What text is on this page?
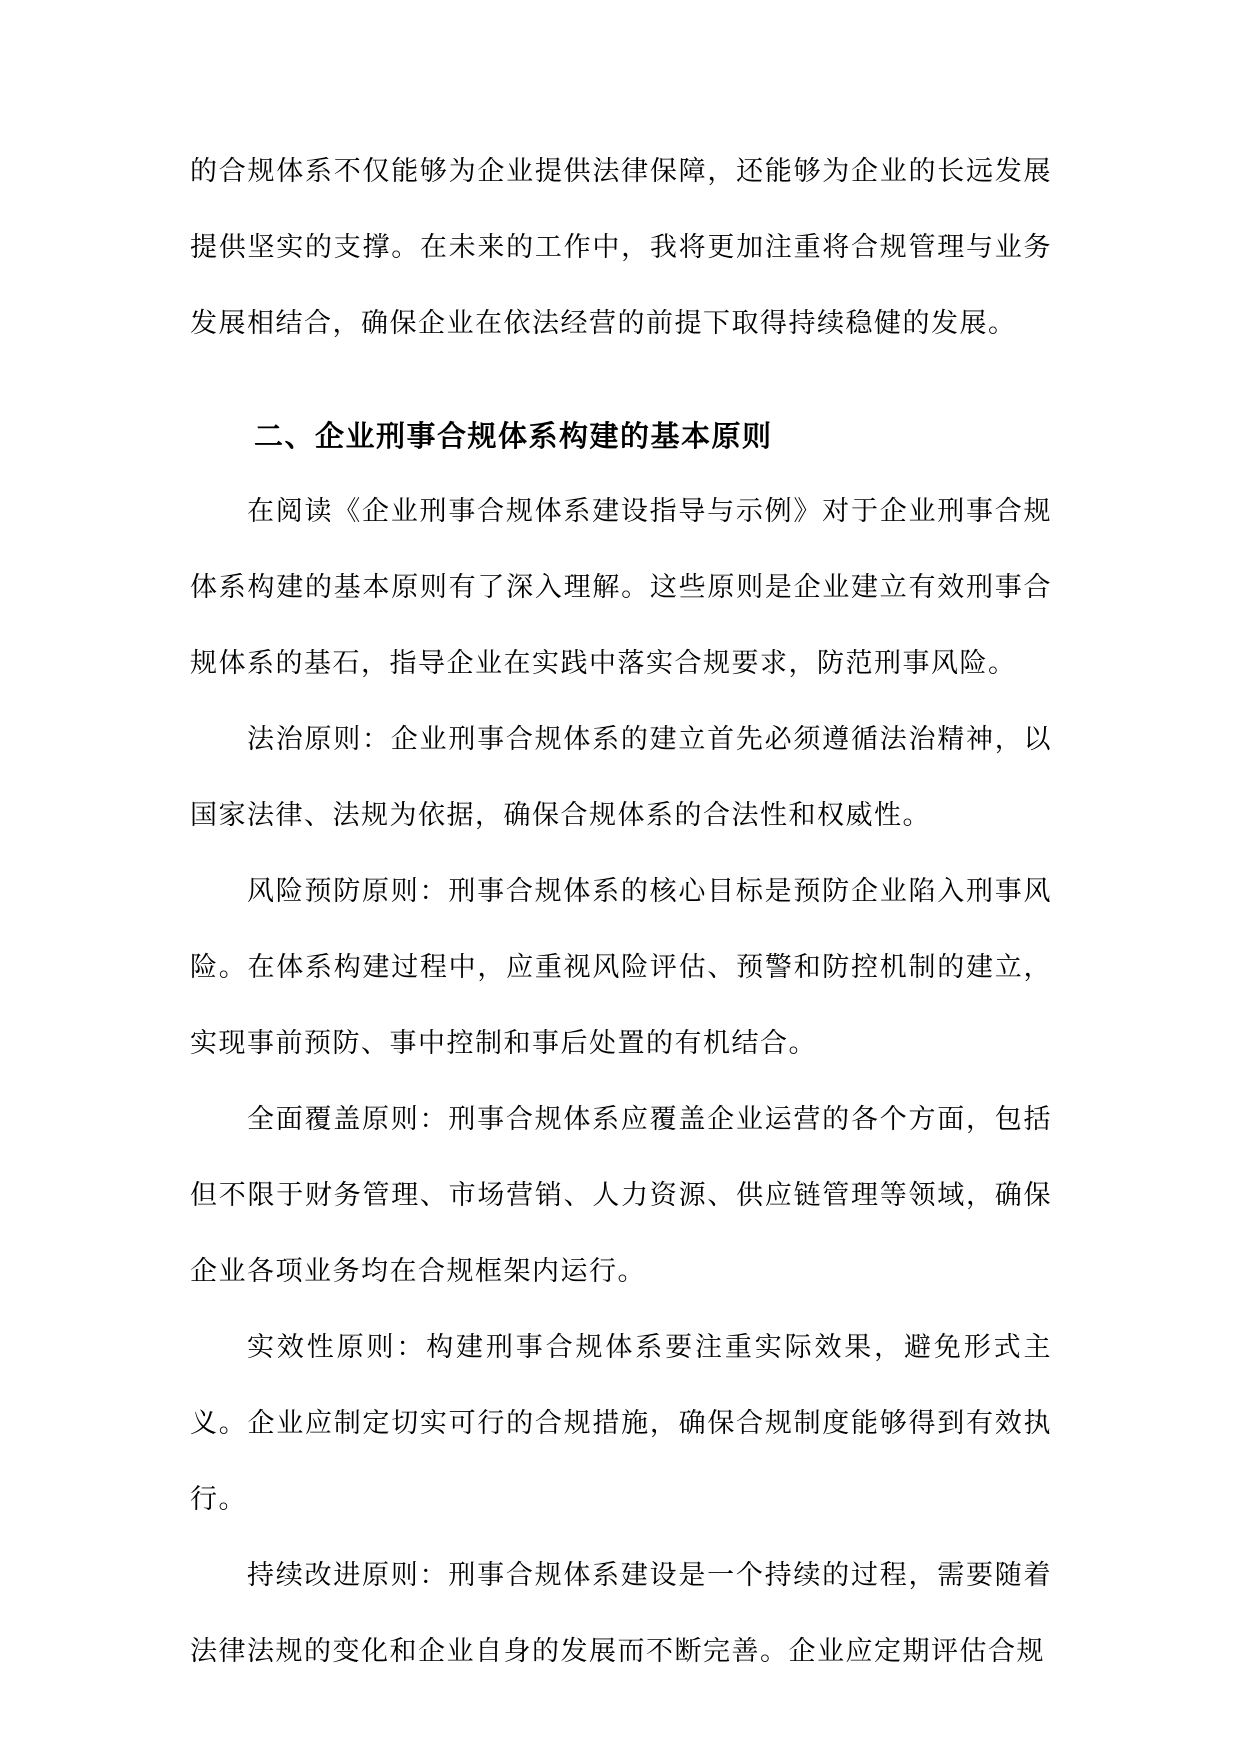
的合规体系不仅能够为企业提供法律保障，还能够为企业的长远发展提供坚实的支撑。在未来的工作中，我将更加注重将合规管理与业务发展相结合，确保企业在依法经营的前提下取得持续稳健的发展。

二、企业刑事合规体系构建的基本原则

在阅读《企业刑事合规体系建设指导与示例》对于企业刑事合规体系构建的基本原则有了深入理解。这些原则是企业建立有效刑事合规体系的基石，指导企业在实践中落实合规要求，防范刑事风险。

法治原则：企业刑事合规体系的建立首先必须遵循法治精神，以国家法律、法规为依据，确保合规体系的合法性和权威性。

风险预防原则：刑事合规体系的核心目标是预防企业陷入刑事风险。在体系构建过程中，应重视风险评估、预警和防控机制的建立，实现事前预防、事中控制和事后处置的有机结合。

全面覆盖原则：刑事合规体系应覆盖企业运营的各个方面，包括但不限于财务管理、市场营销、人力资源、供应链管理等领域，确保企业各项业务均在合规框架内运行。

实效性原则：构建刑事合规体系要注重实际效果，避免形式主义。企业应制定切实可行的合规措施，确保合规制度能够得到有效执行。

持续改进原则：刑事合规体系建设是一个持续的过程，需要随着法律法规的变化和企业自身的发展而不断完善。企业应定期评估合规
